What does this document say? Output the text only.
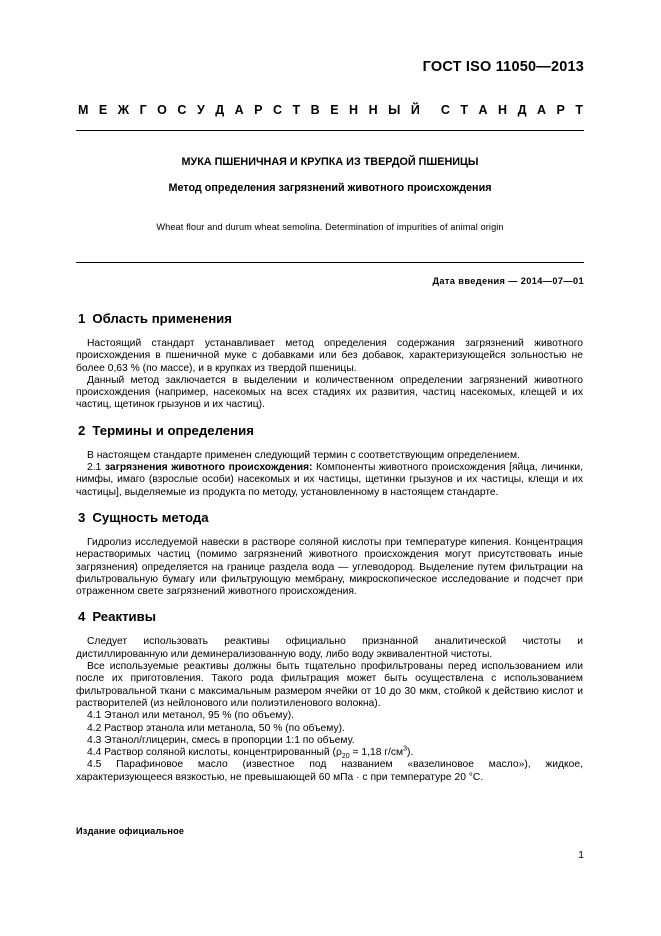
ГОСТ ISO 11050—2013
М Е Ж Г О С У Д А Р С Т В Е Н Н Ы Й С Т А Н Д А Р Т
МУКА ПШЕНИЧНАЯ И КРУПКА ИЗ ТВЕРДОЙ ПШЕНИЦЫ
Метод определения загрязнений животного происхождения
Wheat flour and durum wheat semolina. Determination of impurities of animal origin
Дата введения — 2014—07—01
1 Область применения

Настоящий стандарт устанавливает метод определения содержания загрязнений животного происхождения в пшеничной муке с добавками или без добавок, характеризующейся зольностью не более 0,63 % (по массе), и в крупках из твердой пшеницы.

Данный метод заключается в выделении и количественном определении загрязнений животного происхождения (например, насекомых на всех стадиях их развития, частиц насекомых, клещей и их частиц, щетинок грызунов и их частиц).

2 Термины и определения

В настоящем стандарте применен следующий термин с соответствующим определением.

2.1 загрязнения животного происхождения: Компоненты животного происхождения [яйца, личинки, нимфы, имаго (взрослые особи) насекомых и их частицы, щетинки грызунов и их частицы, клещи и их частицы], выделяемые из продукта по методу, установленному в настоящем стандарте.

3 Сущность метода

Гидролиз исследуемой навески в растворе соляной кислоты при температуре кипения. Концентрация нерастворимых частиц (помимо загрязнений животного происхождения могут присутствовать иные загрязнения) определяется на границе раздела вода — углеводород. Выделение путем фильтрации на фильтровальную бумагу или фильтрующую мембрану, микроскопическое исследование и подсчет при отраженном свете загрязнений животного происхождения.

4 Реактивы

Следует использовать реактивы официально признанной аналитической чистоты и дистиллированную или деминерализованную воду, либо воду эквивалентной чистоты.

Все используемые реактивы должны быть тщательно профильтрованы перед использованием или после их приготовления. Такого рода фильтрация может быть осуществлена с использованием фильтровальной ткани с максимальным размером ячейки от 10 до 30 мкм, стойкой к действию кислот и растворителей (из нейлонового или полиэтиленового волокна).

4.1 Этанол или метанол, 95 % (по объему).

4.2 Раствор этанола или метанола, 50 % (по объему).

4.3 Этанол/глицерин, смесь в пропорции 1:1 по объему.

4.4 Раствор соляной кислоты, концентрированный ($\rho_{20} = 1,18$ $г/см^3$).

4.5 Парафиновое масло (известное под названием «вазелиновое масло»), жидкое, характеризующееся вязкостью, не превышающей 60 мПа · с при температуре 20 °С.

Издание официальное
1
